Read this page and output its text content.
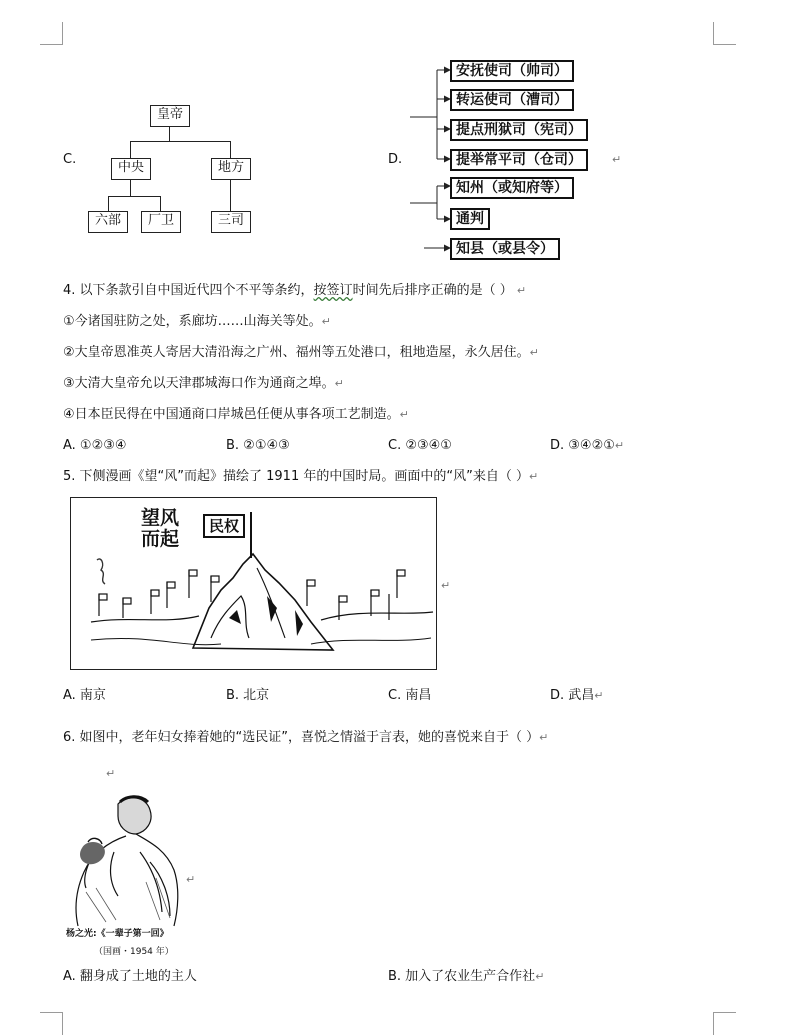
C.
皇帝
中央	地方
六部	厂卫	三司
D.
安抚使司（帅司）
转运使司（漕司）
提点刑狱司（宪司）
提举常平司（仓司）	↵
知州（或知府等）
通判
知县（或县令）
4. 以下条款引自中国近代四个不平等条约，按签订时间先后排序正确的是（ ） ↵
①今诸国驻防之处，系廊坊……山海关等处。↵
②大皇帝恩准英人寄居大清沿海之广州、福州等五处港口，租地造屋，永久居住。↵
③大清大皇帝允以天津郡城海口作为通商之埠。↵
④日本臣民得在中国通商口岸城邑任便从事各项工艺制造。↵
A. ①②③④	B. ②①④③	C. ②③④①	D. ③④②①↵
5. 下侧漫画《望“风”而起》描绘了 1911 年的中国时局。画面中的“风”来自（ ）↵
望风
而起
民权
↵
A. 南京	B. 北京	C. 南昌	D. 武昌↵
6. 如图中，老年妇女捧着她的“选民证”，喜悦之情溢于言表，她的喜悦来自于（ ）↵
↵
↵
杨之光:《一辈子第一回》
（国画・1954 年）
A. 翻身成了土地的主人	B. 加入了农业生产合作社↵
